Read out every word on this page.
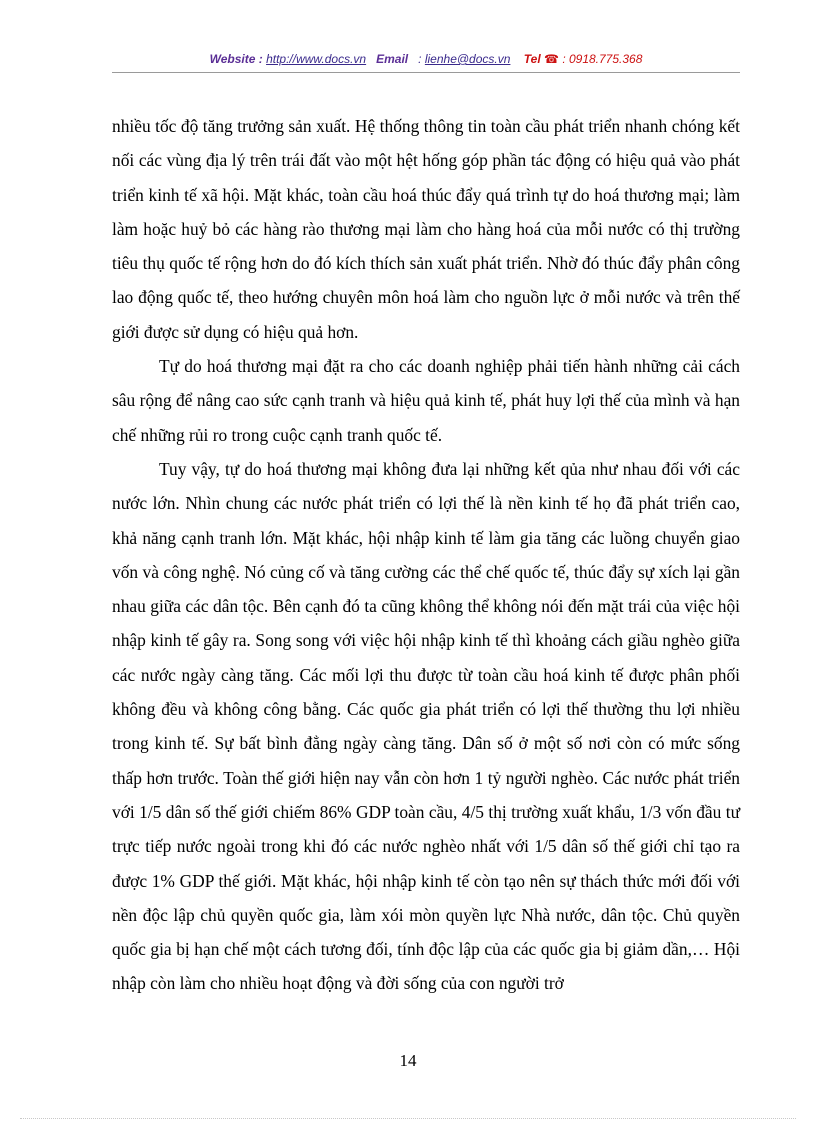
Website : http://www.docs.vn Email : lienhe@docs.vn Tel ☎ : 0918.775.368

nhiều tốc độ tăng trưởng sản xuất. Hệ thống thông tin toàn cầu phát triển nhanh chóng kết nối các vùng địa lý trên trái đất vào một hệt hống góp phần tác động có hiệu quả vào phát triển kinh tế xã hội. Mặt khác, toàn cầu hoá thúc đẩy quá trình tự do hoá thương mại; làm làm hoặc huỷ bỏ các hàng rào thương mại làm cho hàng hoá của mỗi nước có thị trường tiêu thụ quốc tế rộng hơn do đó kích thích sản xuất phát triển. Nhờ đó thúc đẩy phân công lao động quốc tế, theo hướng chuyên môn hoá làm cho nguồn lực ở mỗi nước và trên thế giới được sử dụng có hiệu quả hơn.

Tự do hoá thương mại đặt ra cho các doanh nghiệp phải tiến hành những cải cách sâu rộng để nâng cao sức cạnh tranh và hiệu quả kinh tế, phát huy lợi thế của mình và hạn chế những rủi ro trong cuộc cạnh tranh quốc tế.

Tuy vậy, tự do hoá thương mại không đưa lại những kết qủa như nhau đối với các nước lớn. Nhìn chung các nước phát triển có lợi thế là nền kinh tế họ đã phát triển cao, khả năng cạnh tranh lớn. Mặt khác, hội nhập kinh tế làm gia tăng các luồng chuyển giao vốn và công nghệ. Nó củng cố và tăng cường các thể chế quốc tế, thúc đẩy sự xích lại gần nhau giữa các dân tộc. Bên cạnh đó ta cũng không thể không nói đến mặt trái của việc hội nhập kinh tế gây ra. Song song với việc hội nhập kinh tế thì khoảng cách giầu nghèo giữa các nước ngày càng tăng. Các mối lợi thu được từ toàn cầu hoá kinh tế được phân phối không đều và không công bằng. Các quốc gia phát triển có lợi thế thường thu lợi nhiều trong kinh tế. Sự bất bình đẳng ngày càng tăng. Dân số ở một số nơi còn có mức sống thấp hơn trước. Toàn thế giới hiện nay vẫn còn hơn 1 tỷ người nghèo. Các nước phát triển với 1/5 dân số thế giới chiếm 86% GDP toàn cầu, 4/5 thị trường xuất khẩu, 1/3 vốn đầu tư trực tiếp nước ngoài trong khi đó các nước nghèo nhất với 1/5 dân số thế giới chỉ tạo ra được 1% GDP thế giới. Mặt khác, hội nhập kinh tế còn tạo nên sự thách thức mới đối với nền độc lập chủ quyền quốc gia, làm xói mòn quyền lực Nhà nước, dân tộc. Chủ quyền quốc gia bị hạn chế một cách tương đối, tính độc lập của các quốc gia bị giảm dần,… Hội nhập còn làm cho nhiều hoạt động và đời sống của con người trở

14
